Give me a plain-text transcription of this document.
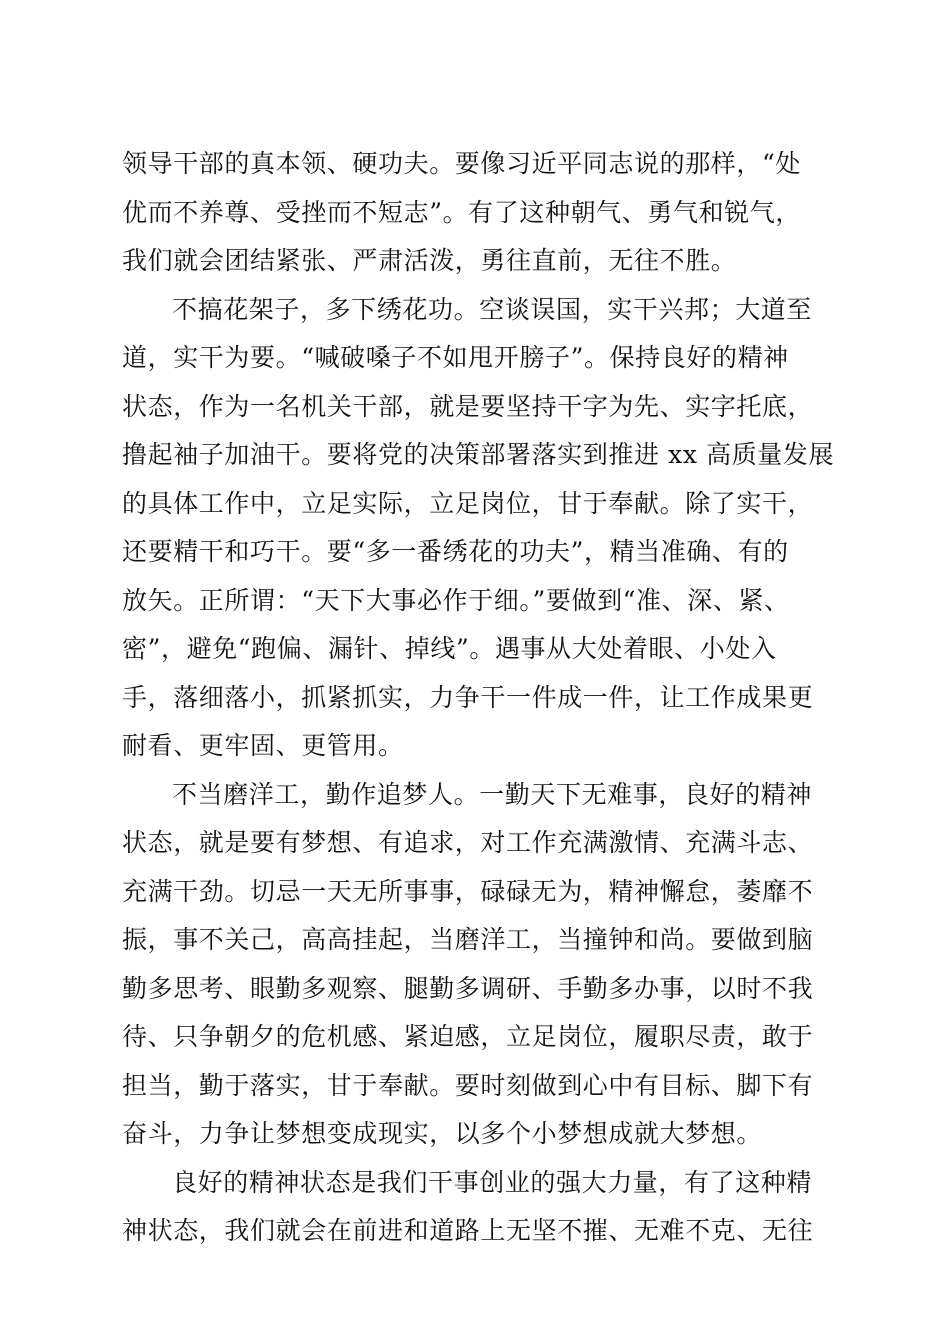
领导干部的真本领、硬功夫。要像习近平同志说的那样，“处

优而不养尊、受挫而不短志”。有了这种朝气、勇气和锐气，

我们就会团结紧张、严肃活泼，勇往直前，无往不胜。

不搞花架子，多下绣花功。空谈误国，实干兴邦；大道至

道，实干为要。“喊破嗓子不如甩开膀子”。保持良好的精神

状态，作为一名机关干部，就是要坚持干字为先、实字托底，

撸起袖子加油干。要将党的决策部署落实到推进 xx 高质量发展

的具体工作中，立足实际，立足岗位，甘于奉献。除了实干，

还要精干和巧干。要“多一番绣花的功夫”，精当准确、有的

放矢。正所谓：“天下大事必作于细。”要做到“准、深、紧、

密”，避免“跑偏、漏针、掉线”。遇事从大处着眼、小处入

手，落细落小，抓紧抓实，力争干一件成一件，让工作成果更

耐看、更牢固、更管用。

不当磨洋工，勤作追梦人。一勤天下无难事，良好的精神

状态，就是要有梦想、有追求，对工作充满激情、充满斗志、

充满干劲。切忌一天无所事事，碌碌无为，精神懈怠，萎靡不

振，事不关己，高高挂起，当磨洋工，当撞钟和尚。要做到脑

勤多思考、眼勤多观察、腿勤多调研、手勤多办事，以时不我

待、只争朝夕的危机感、紧迫感，立足岗位，履职尽责，敢于

担当，勤于落实，甘于奉献。要时刻做到心中有目标、脚下有

奋斗，力争让梦想变成现实，以多个小梦想成就大梦想。

良好的精神状态是我们干事创业的强大力量，有了这种精

神状态，我们就会在前进和道路上无坚不摧、无难不克、无往
